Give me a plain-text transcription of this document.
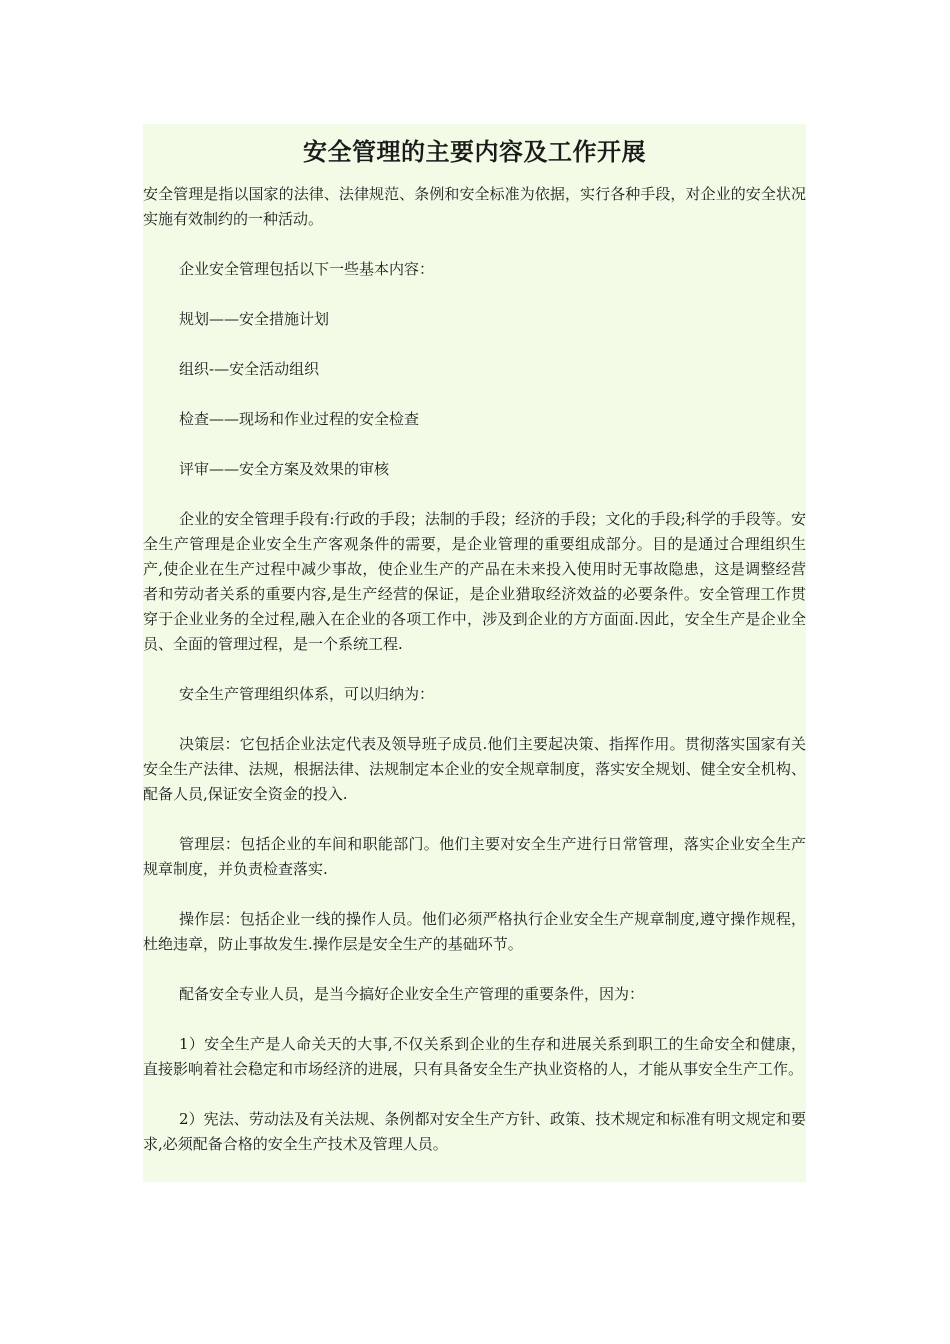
安全管理的主要内容及工作开展

安全管理是指以国家的法律、法律规范、条例和安全标准为依据，实行各种手段，对企业的安全状况实施有效制约的一种活动。

企业安全管理包括以下一些基本内容：

规划——安全措施计划

组织-—安全活动组织

检查——现场和作业过程的安全检查

评审——安全方案及效果的审核

企业的安全管理手段有:行政的手段；法制的手段；经济的手段；文化的手段;科学的手段等。安全生产管理是企业安全生产客观条件的需要，是企业管理的重要组成部分。目的是通过合理组织生产,使企业在生产过程中减少事故，使企业生产的产品在未来投入使用时无事故隐患，这是调整经营者和劳动者关系的重要内容,是生产经营的保证，是企业猎取经济效益的必要条件。安全管理工作贯穿于企业业务的全过程,融入在企业的各项工作中，涉及到企业的方方面面.因此，安全生产是企业全员、全面的管理过程，是一个系统工程.

安全生产管理组织体系，可以归纳为：

决策层：它包括企业法定代表及领导班子成员.他们主要起决策、指挥作用。贯彻落实国家有关安全生产法律、法规，根据法律、法规制定本企业的安全规章制度，落实安全规划、健全安全机构、配备人员,保证安全资金的投入.

管理层：包括企业的车间和职能部门。他们主要对安全生产进行日常管理，落实企业安全生产规章制度，并负责检查落实.

操作层：包括企业一线的操作人员。他们必须严格执行企业安全生产规章制度,遵守操作规程，杜绝违章，防止事故发生.操作层是安全生产的基础环节。

配备安全专业人员，是当今搞好企业安全生产管理的重要条件，因为：

1）安全生产是人命关天的大事,不仅关系到企业的生存和进展关系到职工的生命安全和健康，直接影响着社会稳定和市场经济的进展，只有具备安全生产执业资格的人，才能从事安全生产工作。

2）宪法、劳动法及有关法规、条例都对安全生产方针、政策、技术规定和标准有明文规定和要求,必须配备合格的安全生产技术及管理人员。
